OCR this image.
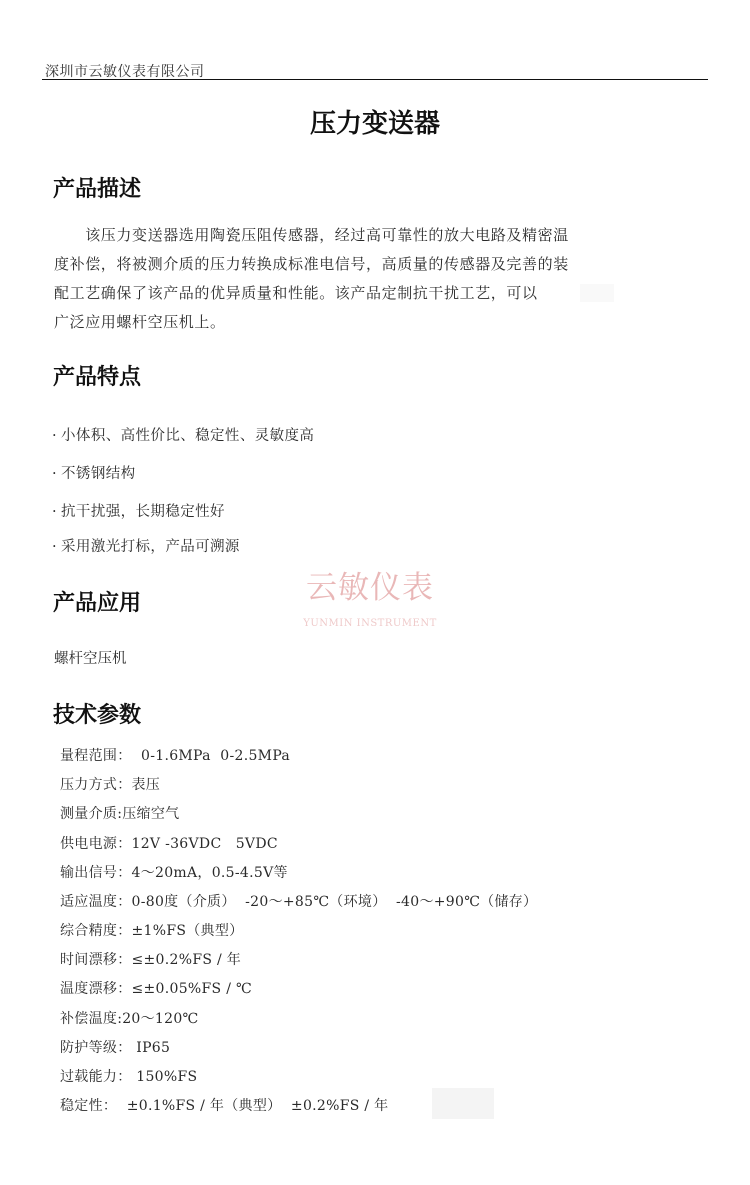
深圳市云敏仪表有限公司
压力变送器
产品描述
　　该压力变送器选用陶瓷压阻传感器，经过高可靠性的放大电路及精密温
度补偿，将被测介质的压力转换成标准电信号，高质量的传感器及完善的装
配工艺确保了该产品的优异质量和性能。该产品定制抗干扰工艺，可以
广泛应用螺杆空压机上。
产品特点
· 小体积、高性价比、稳定性、灵敏度高
· 不锈钢结构
· 抗干扰强，长期稳定性好
· 采用激光打标，产品可溯源
云敏仪表
YUNMIN INSTRUMENT
产品应用
螺杆空压机
技术参数
量程范围：  0-1.6MPa  0-2.5MPa
压力方式：表压
测量介质:压缩空气
供电电源：12V -36VDC   5VDC
输出信号：4～20mA，0.5-4.5V等
适应温度：0-80度（介质）  -20～+85℃（环境）  -40～+90℃（储存）
综合精度：±1%FS（典型）
时间漂移：≤±0.2%FS / 年
温度漂移：≤±0.05%FS / ℃
补偿温度:20～120℃
防护等级： IP65
过载能力： 150%FS
稳定性：  ±0.1%FS / 年（典型）  ±0.2%FS / 年
